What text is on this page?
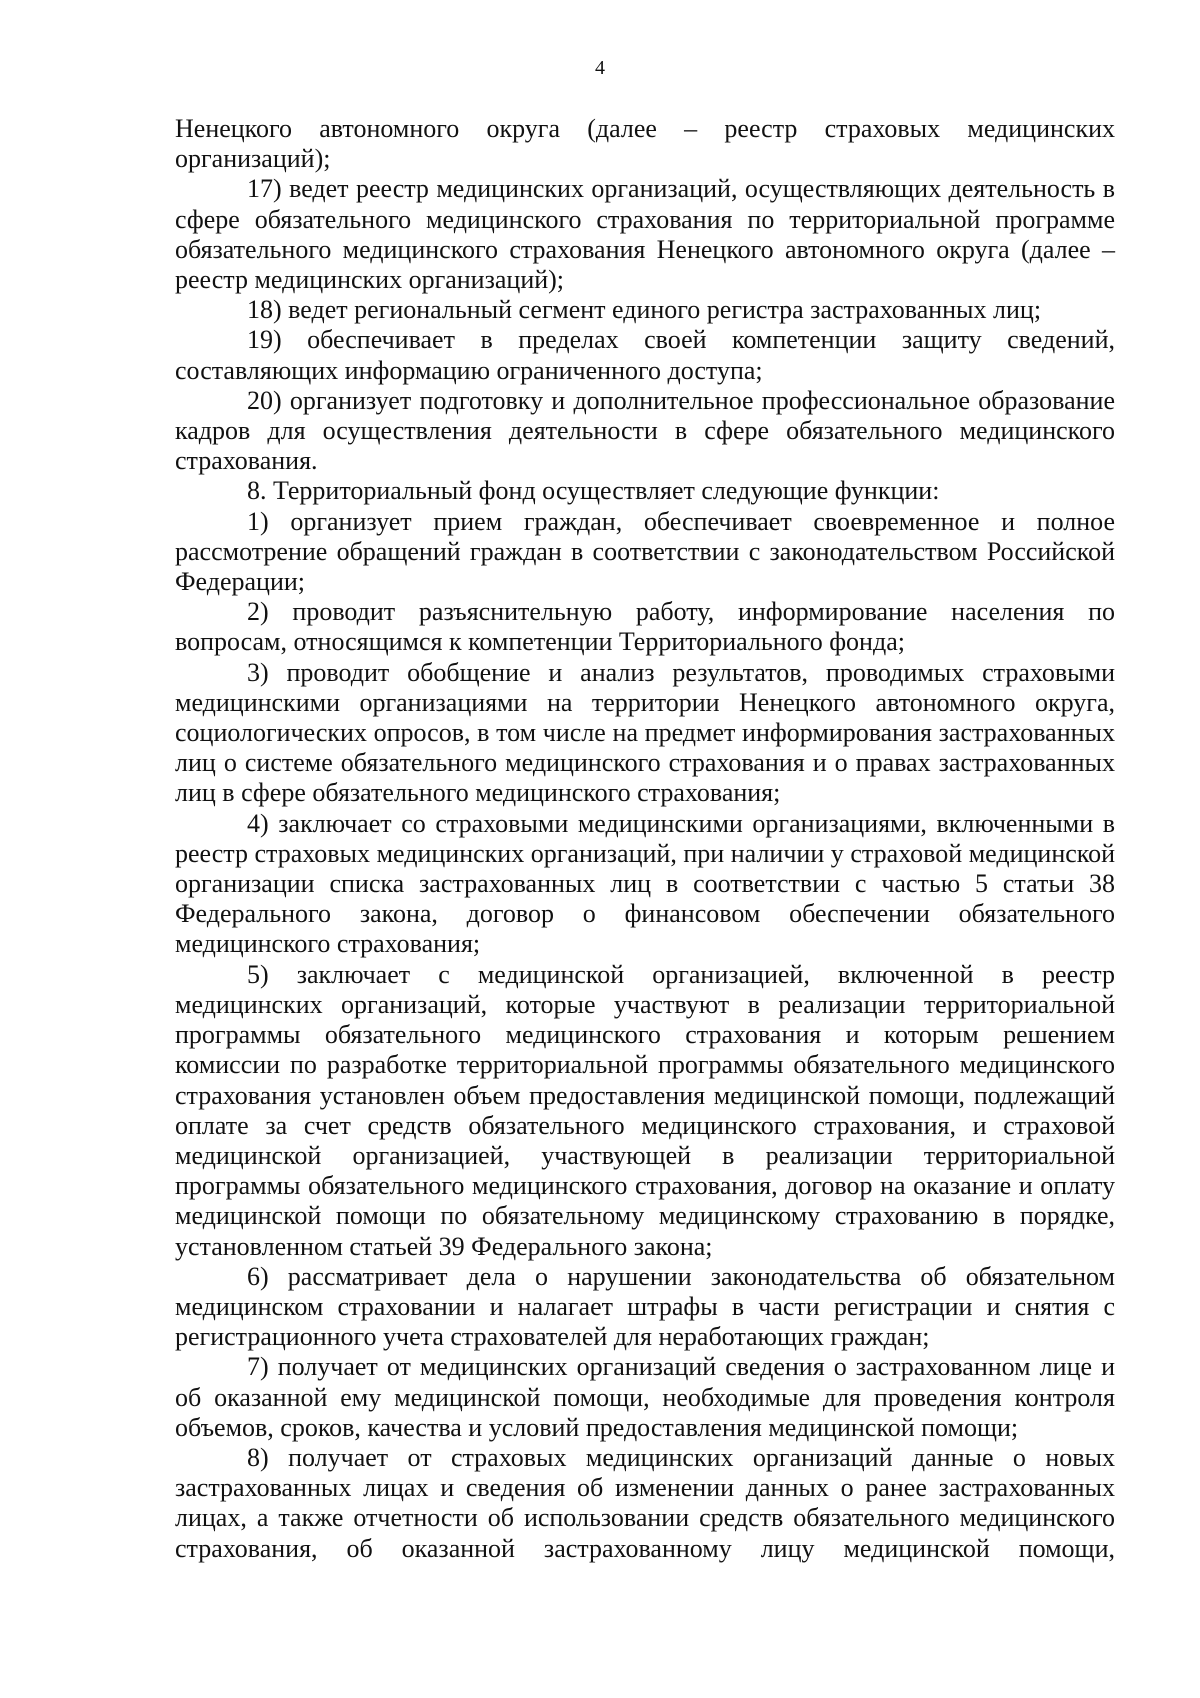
4

Ненецкого автономного округа (далее – реестр страховых медицинских организаций);

17) ведет реестр медицинских организаций, осуществляющих деятельность в сфере обязательного медицинского страхования по территориальной программе обязательного медицинского страхования Ненецкого автономного округа (далее – реестр медицинских организаций);

18) ведет региональный сегмент единого регистра застрахованных лиц;

19) обеспечивает в пределах своей компетенции защиту сведений, составляющих информацию ограниченного доступа;

20) организует подготовку и дополнительное профессиональное образование кадров для осуществления деятельности в сфере обязательного медицинского страхования.

8. Территориальный фонд осуществляет следующие функции:

1) организует прием граждан, обеспечивает своевременное и полное рассмотрение обращений граждан в соответствии с законодательством Российской Федерации;

2) проводит разъяснительную работу, информирование населения по вопросам, относящимся к компетенции Территориального фонда;

3) проводит обобщение и анализ результатов, проводимых страховыми медицинскими организациями на территории Ненецкого автономного округа, социологических опросов, в том числе на предмет информирования застрахованных лиц о системе обязательного медицинского страхования и о правах застрахованных лиц в сфере обязательного медицинского страхования;

4) заключает со страховыми медицинскими организациями, включенными в реестр страховых медицинских организаций, при наличии у страховой медицинской организации списка застрахованных лиц в соответствии с частью 5 статьи 38 Федерального закона, договор о финансовом обеспечении обязательного медицинского страхования;

5) заключает с медицинской организацией, включенной в реестр медицинских организаций, которые участвуют в реализации территориальной программы обязательного медицинского страхования и которым решением комиссии по разработке территориальной программы обязательного медицинского страхования установлен объем предоставления медицинской помощи, подлежащий оплате за счет средств обязательного медицинского страхования, и страховой медицинской организацией, участвующей в реализации территориальной программы обязательного медицинского страхования, договор на оказание и оплату медицинской помощи по обязательному медицинскому страхованию в порядке, установленном статьей 39 Федерального закона;

6) рассматривает дела о нарушении законодательства об обязательном медицинском страховании и налагает штрафы в части регистрации и снятия с регистрационного учета страхователей для неработающих граждан;

7) получает от медицинских организаций сведения о застрахованном лице и об оказанной ему медицинской помощи, необходимые для проведения контроля объемов, сроков, качества и условий предоставления медицинской помощи;

8) получает от страховых медицинских организаций данные о новых застрахованных лицах и сведения об изменении данных о ранее застрахованных лицах, а также отчетности об использовании средств обязательного медицинского страхования, об оказанной застрахованному лицу медицинской помощи,
